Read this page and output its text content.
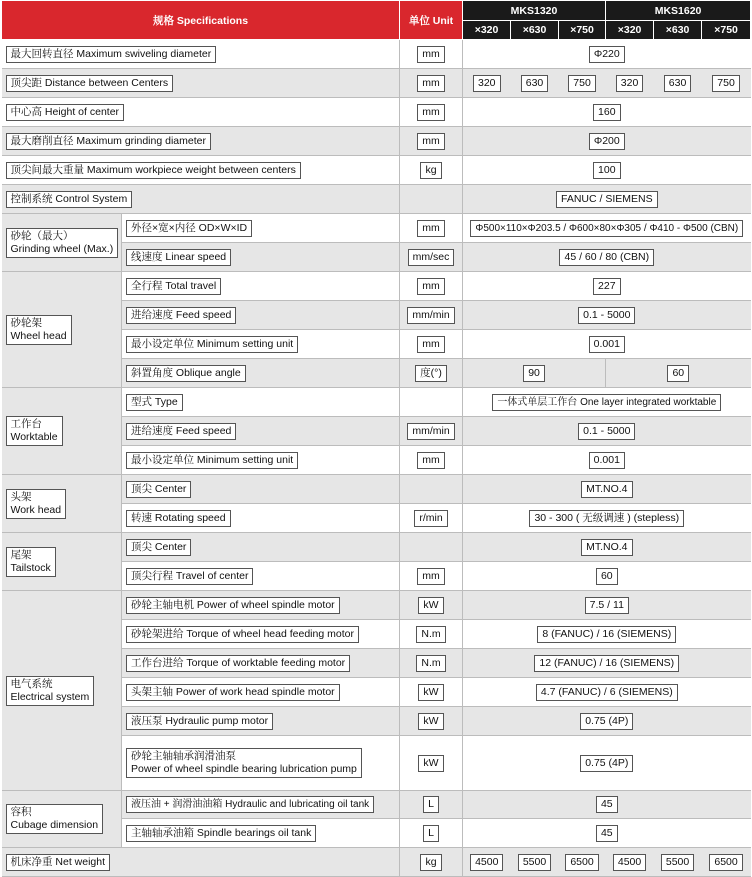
规格 Specifications		单位 Unit	MKS1320			MKS1620		
			×320	×630	×750	×320	×630	×750
最大回转直径 Maximum swiveling diameter		mm	Φ220					
顶尖距 Distance between Centers		mm	320	630	750	320	630	750
中心高 Height of center		mm	160					
最大磨削直径 Maximum grinding diameter		mm	Φ200					
顶尖间最大重量 Maximum workpiece weight between centers		kg	100					
控制系统 Control System			FANUC / SIEMENS					
砂轮（最大）
Grinding wheel (Max.)	外径×宽×内径 OD×W×ID	mm	Φ500×110×Φ203.5 / Φ600×80×Φ305 / Φ410 - Φ500 (CBN)					
	线速度 Linear speed	mm/sec	45 / 60 / 80 (CBN)					
砂轮架
Wheel head	全行程 Total travel	mm	227					
	进给速度 Feed speed	mm/min	0.1 - 5000					
	最小设定单位 Minimum setting unit	mm	0.001					
	斜置角度 Oblique angle	度(°)	90			60		
工作台
Worktable	型式 Type		一体式单层工作台 One layer integrated worktable					
	进给速度 Feed speed	mm/min	0.1 - 5000					
	最小设定单位 Minimum setting unit	mm	0.001					
头架
Work head	顶尖 Center		MT.NO.4					
	转速 Rotating speed	r/min	30 - 300 ( 无级调速 ) (stepless)					
尾架
Tailstock	顶尖 Center		MT.NO.4					
	顶尖行程 Travel of center	mm	60					
电气系统
Electrical system	砂轮主轴电机 Power of wheel spindle motor	kW	7.5 / 11					
	砂轮架进给 Torque of wheel head feeding motor	N.m	8 (FANUC) / 16 (SIEMENS)					
	工作台进给 Torque of worktable feeding motor	N.m	12 (FANUC) / 16 (SIEMENS)					
	头架主轴 Power of work head spindle motor	kW	4.7 (FANUC) / 6 (SIEMENS)					
	液压泵 Hydraulic pump motor	kW	0.75 (4P)					
	砂轮主轴轴承润滑油泵
Power of wheel spindle bearing lubrication pump	kW	0.75 (4P)					
容积
Cubage dimension	液压油 + 润滑油油箱 Hydraulic and lubricating oil tank	L	45					
	主轴轴承油箱 Spindle bearings oil tank	L	45					
机床净重 Net weight		kg	4500	5500	6500	4500	5500	6500
